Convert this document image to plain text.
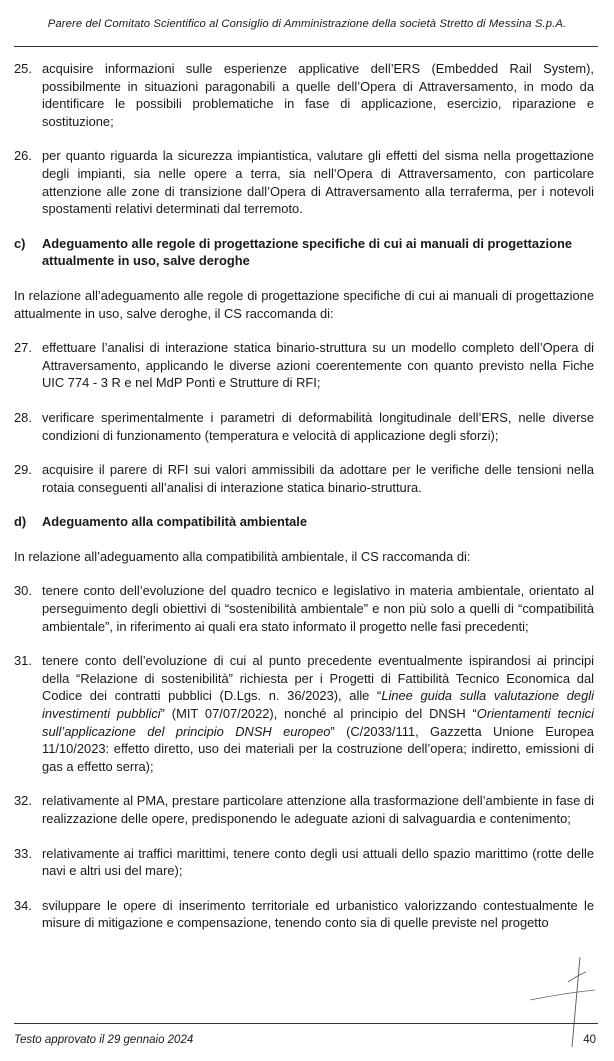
Parere del Comitato Scientifico al Consiglio di Amministrazione della società Stretto di Messina S.p.A.
25. acquisire informazioni sulle esperienze applicative dell’ERS (Embedded Rail System), possibilmente in situazioni paragonabili a quelle dell’Opera di Attraversamento, in modo da identificare le possibili problematiche in fase di applicazione, esercizio, riparazione e sostituzione;
26. per quanto riguarda la sicurezza impiantistica, valutare gli effetti del sisma nella progettazione degli impianti, sia nelle opere a terra, sia nell’Opera di Attraversamento, con particolare attenzione alle zone di transizione dall’Opera di Attraversamento alla terraferma, per i notevoli spostamenti relativi determinati dal terremoto.
c)	Adeguamento alle regole di progettazione specifiche di cui ai manuali di progettazione attualmente in uso, salve deroghe
In relazione all’adeguamento alle regole di progettazione specifiche di cui ai manuali di progettazione attualmente in uso, salve deroghe, il CS raccomanda di:
27. effettuare l’analisi di interazione statica binario-struttura su un modello completo dell’Opera di Attraversamento, applicando le diverse azioni coerentemente con quanto previsto nella Fiche UIC 774 - 3 R e nel MdP Ponti e Strutture di RFI;
28. verificare sperimentalmente i parametri di deformabilità longitudinale dell’ERS, nelle diverse condizioni di funzionamento (temperatura e velocità di applicazione degli sforzi);
29. acquisire il parere di RFI sui valori ammissibili da adottare per le verifiche delle tensioni nella rotaia conseguenti all’analisi di interazione statica binario-struttura.
d)	Adeguamento alla compatibilità ambientale
In relazione all’adeguamento alla compatibilità ambientale, il CS raccomanda di:
30. tenere conto dell’evoluzione del quadro tecnico e legislativo in materia ambientale, orientato al perseguimento degli obiettivi di “sostenibilità ambientale” e non più solo a quelli di “compatibilità ambientale”, in riferimento ai quali era stato informato il progetto nelle fasi precedenti;
31. tenere conto dell’evoluzione di cui al punto precedente eventualmente ispirandosi ai principi della “Relazione di sostenibilità” richiesta per i Progetti di Fattibilità Tecnico Economica dal Codice dei contratti pubblici (D.Lgs. n. 36/2023), alle “Linee guida sulla valutazione degli investimenti pubblici” (MIT 07/07/2022), nonché al principio del DNSH “Orientamenti tecnici sull’applicazione del principio DNSH europeo” (C/2033/111, Gazzetta Unione Europea 11/10/2023: effetto diretto, uso dei materiali per la costruzione dell’opera; indiretto, emissioni di gas a effetto serra);
32. relativamente al PMA, prestare particolare attenzione alla trasformazione dell’ambiente in fase di realizzazione delle opere, predisponendo le adeguate azioni di salvaguardia e contenimento;
33. relativamente ai traffici marittimi, tenere conto degli usi attuali dello spazio marittimo (rotte delle navi e altri usi del mare);
34. sviluppare le opere di inserimento territoriale ed urbanistico valorizzando contestualmente le misure di mitigazione e compensazione, tenendo conto sia di quelle previste nel progetto
Testo approvato il 29 gennaio 2024	40
